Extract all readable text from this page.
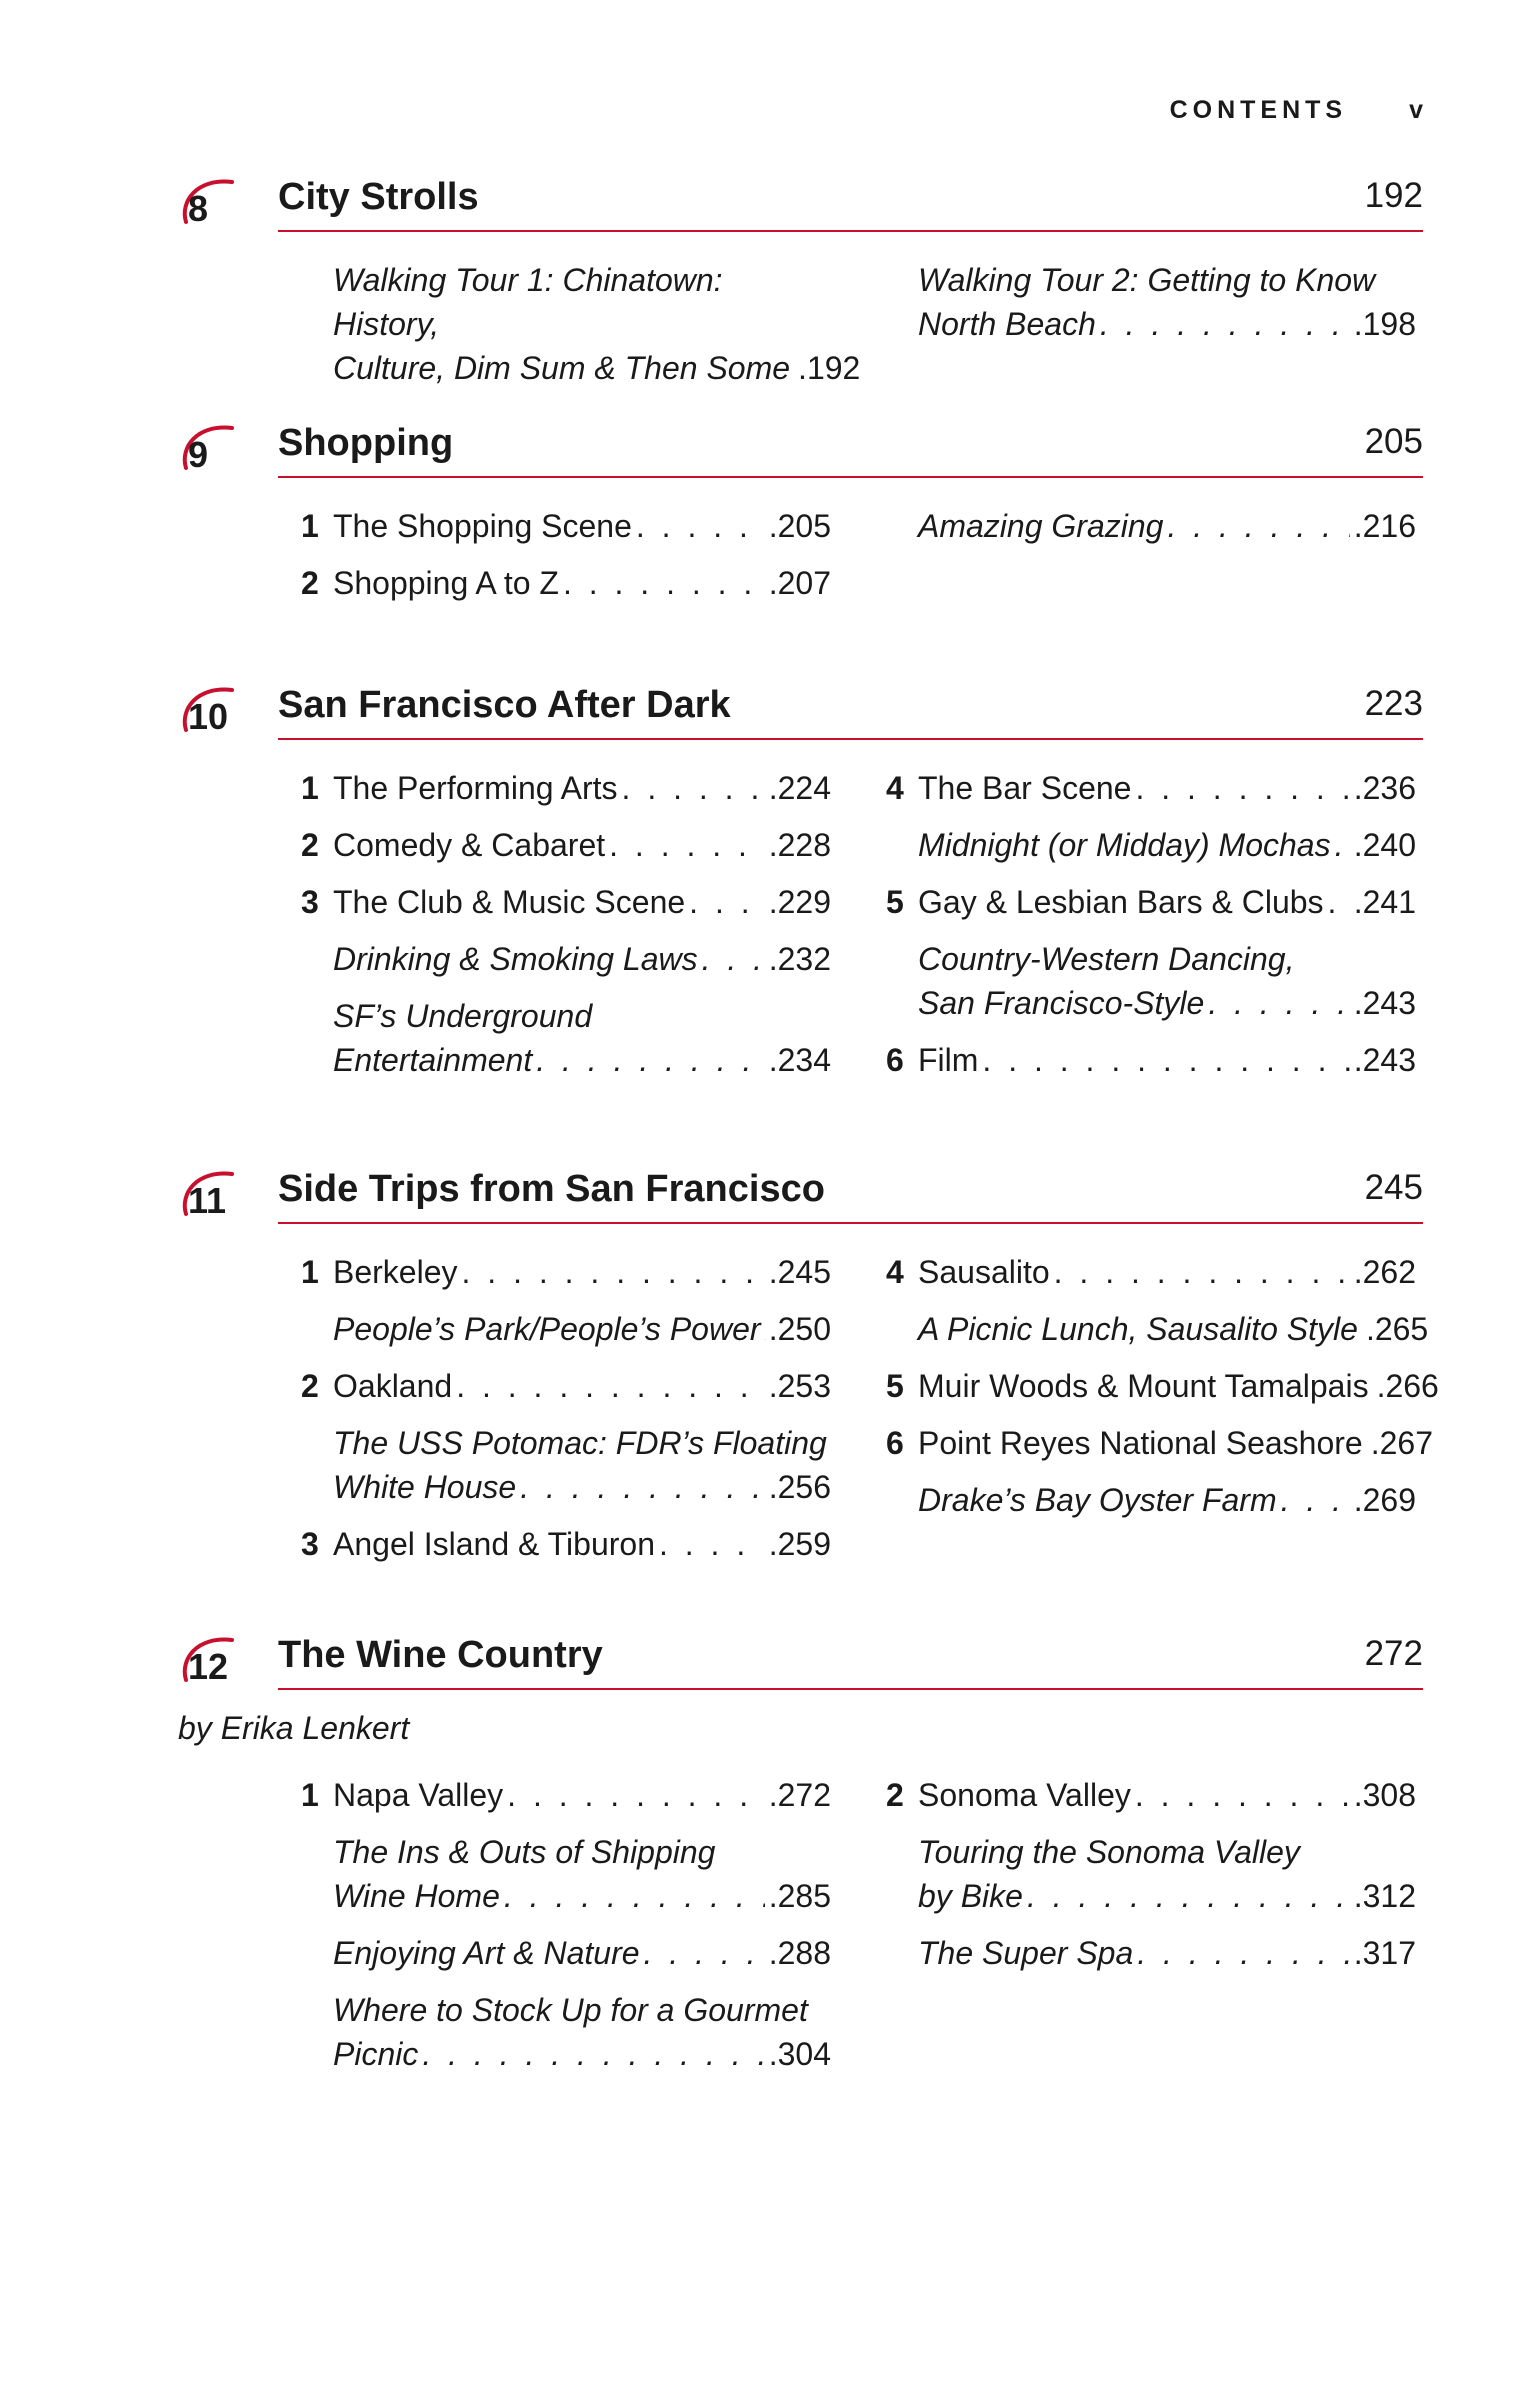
CONTENTS v
8 City Strolls	192
Walking Tour 1: Chinatown: History,
Culture, Dim Sum & Then Some .192
Walking Tour 2: Getting to Know
North Beach . . .	.198
9 Shopping	205
1 The Shopping Scene . . .	.205
2 Shopping A to Z . . .	.207
Amazing Grazing . . .	.216
10 San Francisco After Dark	223
1 The Performing Arts . . .	.224
2 Comedy & Cabaret . . .	.228
3 The Club & Music Scene . . .	.229
Drinking & Smoking Laws . . . .232
SF’s Underground
Entertainment . . .	.234
4 The Bar Scene . . .	.236
Midnight (or Midday) Mochas . . . .240
5 Gay & Lesbian Bars & Clubs . . . .241
Country-Western Dancing,
San Francisco-Style . . .	.243
6 Film . . .	.243
11 Side Trips from San Francisco	245
1 Berkeley . . .	.245
People’s Park/People’s Power . . . .250
2 Oakland . . .	.253
The USS Potomac: FDR’s Floating
White House . . .	.256
3 Angel Island & Tiburon . . .	.259
4 Sausalito . . .	.262
A Picnic Lunch, Sausalito Style .265
5 Muir Woods & Mount Tamalpais .266
6 Point Reyes National Seashore .267
Drake’s Bay Oyster Farm . . . .269
12 The Wine Country	272
by Erika Lenkert
1 Napa Valley . . .	.272
The Ins & Outs of Shipping
Wine Home . . .	.285
Enjoying Art & Nature . . .	.288
Where to Stock Up for a Gourmet
Picnic . . .	.304
2 Sonoma Valley . . .	.308
Touring the Sonoma Valley
by Bike . . .	.312
The Super Spa . . .	.317
